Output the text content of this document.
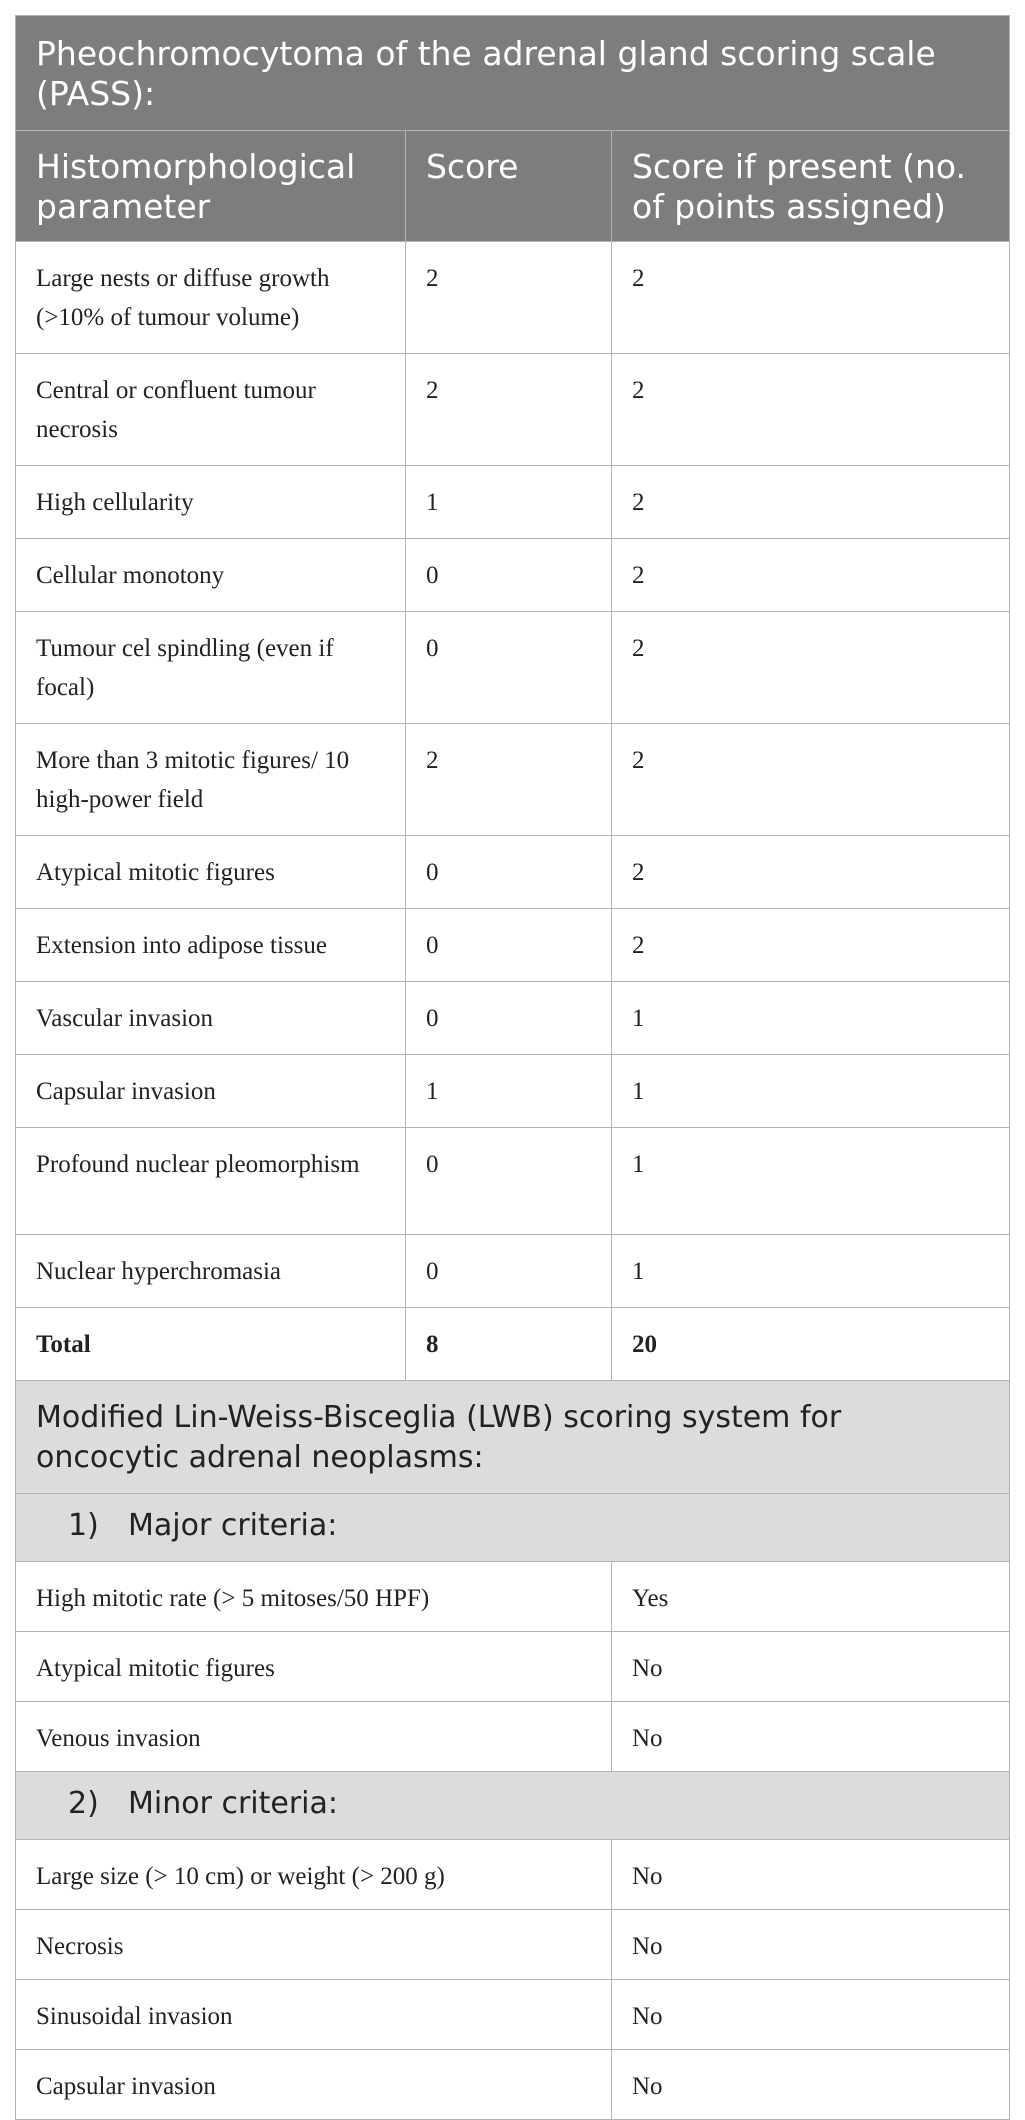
Pheochromocytoma of the adrenal gland scoring scale (PASS):		
Histomorphological parameter	Score	Score if present (no. of points assigned)
Large nests or diffuse growth (>10% of tumour volume)	2	2
Central or confluent tumour necrosis	2	2
High cellularity	1	2
Cellular monotony	0	2
Tumour cel spindling (even if focal)	0	2
More than 3 mitotic figures/ 10 high-power field	2	2
Atypical mitotic figures	0	2
Extension into adipose tissue	0	2
Vascular invasion	0	1
Capsular invasion	1	1
Profound nuclear pleomorphism	0	1
Nuclear hyperchromasia	0	1
Total	8	20
Modified Lin-Weiss-Bisceglia (LWB) scoring system for oncocytic adrenal neoplasms:		
1) Major criteria:		
High mitotic rate (> 5 mitoses/50 HPF)		Yes
Atypical mitotic figures		No
Venous invasion		No
2) Minor criteria:		
Large size (> 10 cm) or weight (> 200 g)		No
Necrosis		No
Sinusoidal invasion		No
Capsular invasion		No
